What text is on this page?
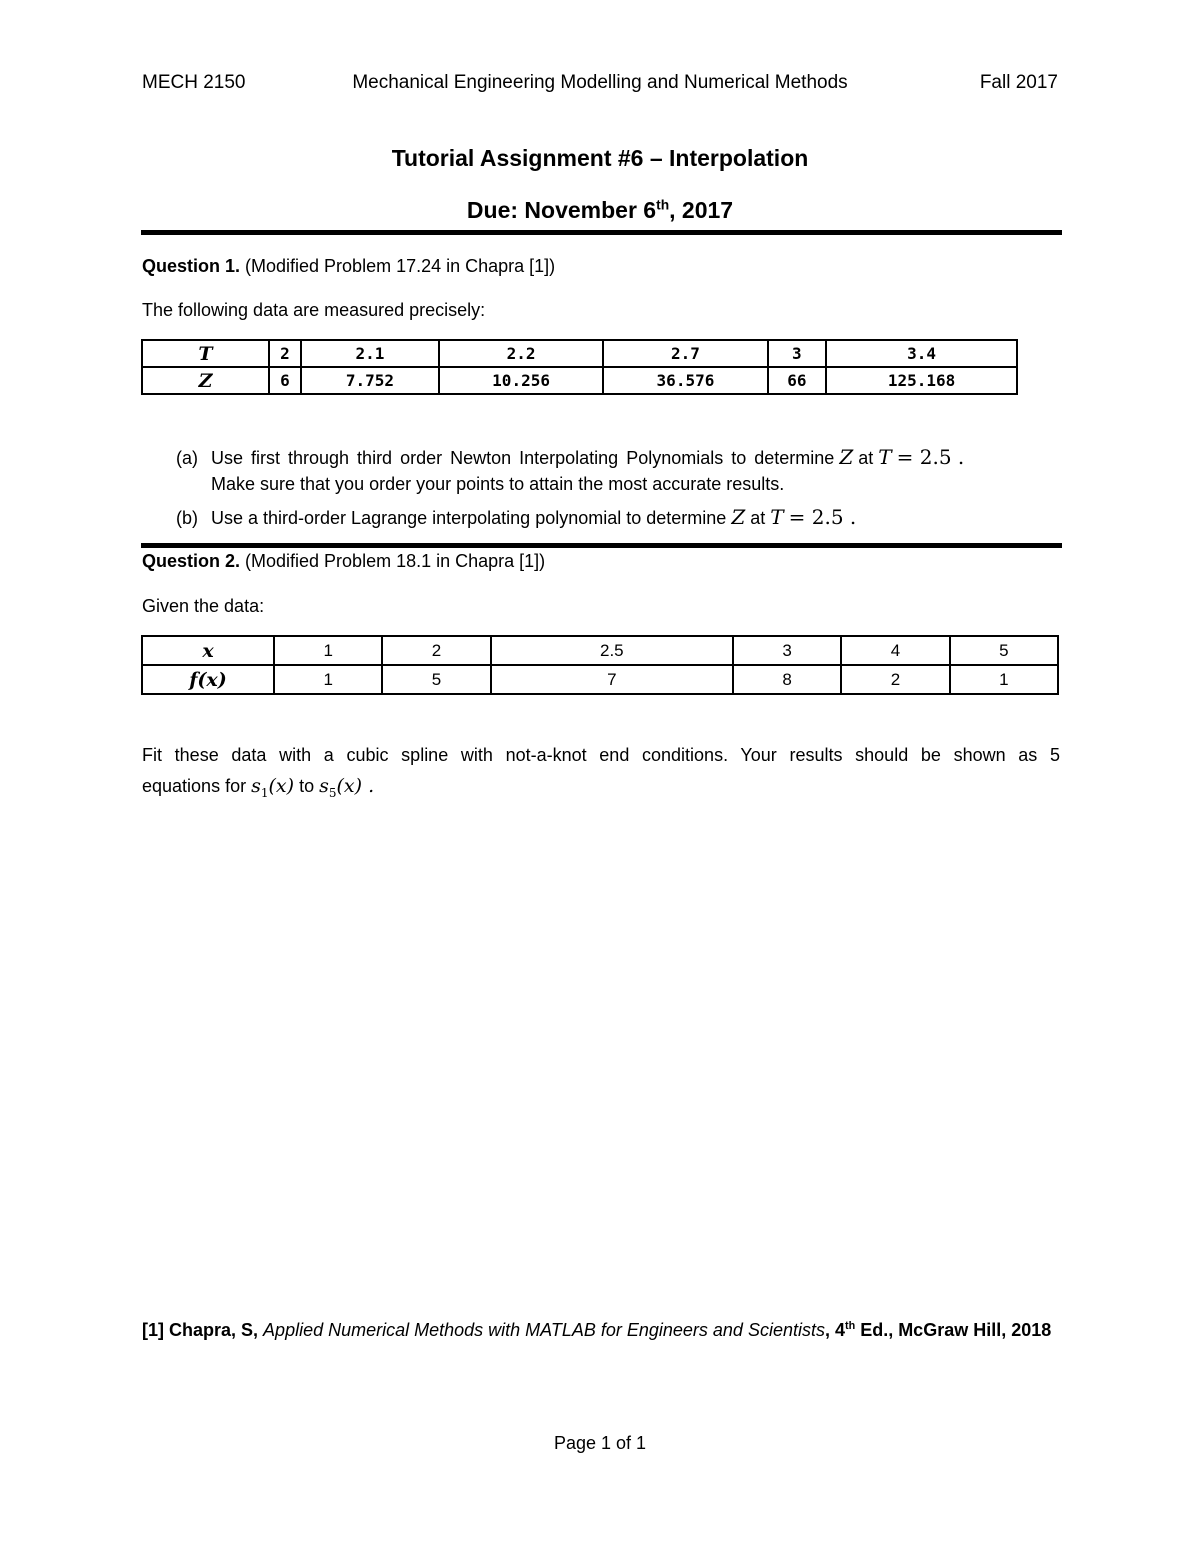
MECH 2150	Mechanical Engineering Modelling and Numerical Methods	Fall 2017
Tutorial Assignment #6 – Interpolation
Due: November 6th, 2017
Question 1. (Modified Problem 17.24 in Chapra [1])
The following data are measured precisely:
T	2	2.1	2.2	2.7	3	3.4
Z	6	7.752	10.256	36.576	66	125.168
(a) Use first through third order Newton Interpolating Polynomials to determine Z at T = 2.5 .
Make sure that you order your points to attain the most accurate results.
(b) Use a third-order Lagrange interpolating polynomial to determine Z at T = 2.5 .
Question 2. (Modified Problem 18.1 in Chapra [1])
Given the data:
x	1	2	2.5	3	4	5
f(x)	1	5	7	8	2	1
Fit these data with a cubic spline with not-a-knot end conditions. Your results should be shown as 5
equations for $s_1(x)$ to $s_5(x)$ .
[1] Chapra, S, Applied Numerical Methods with MATLAB for Engineers and Scientists, 4th Ed., McGraw Hill, 2018
Page 1 of 1
